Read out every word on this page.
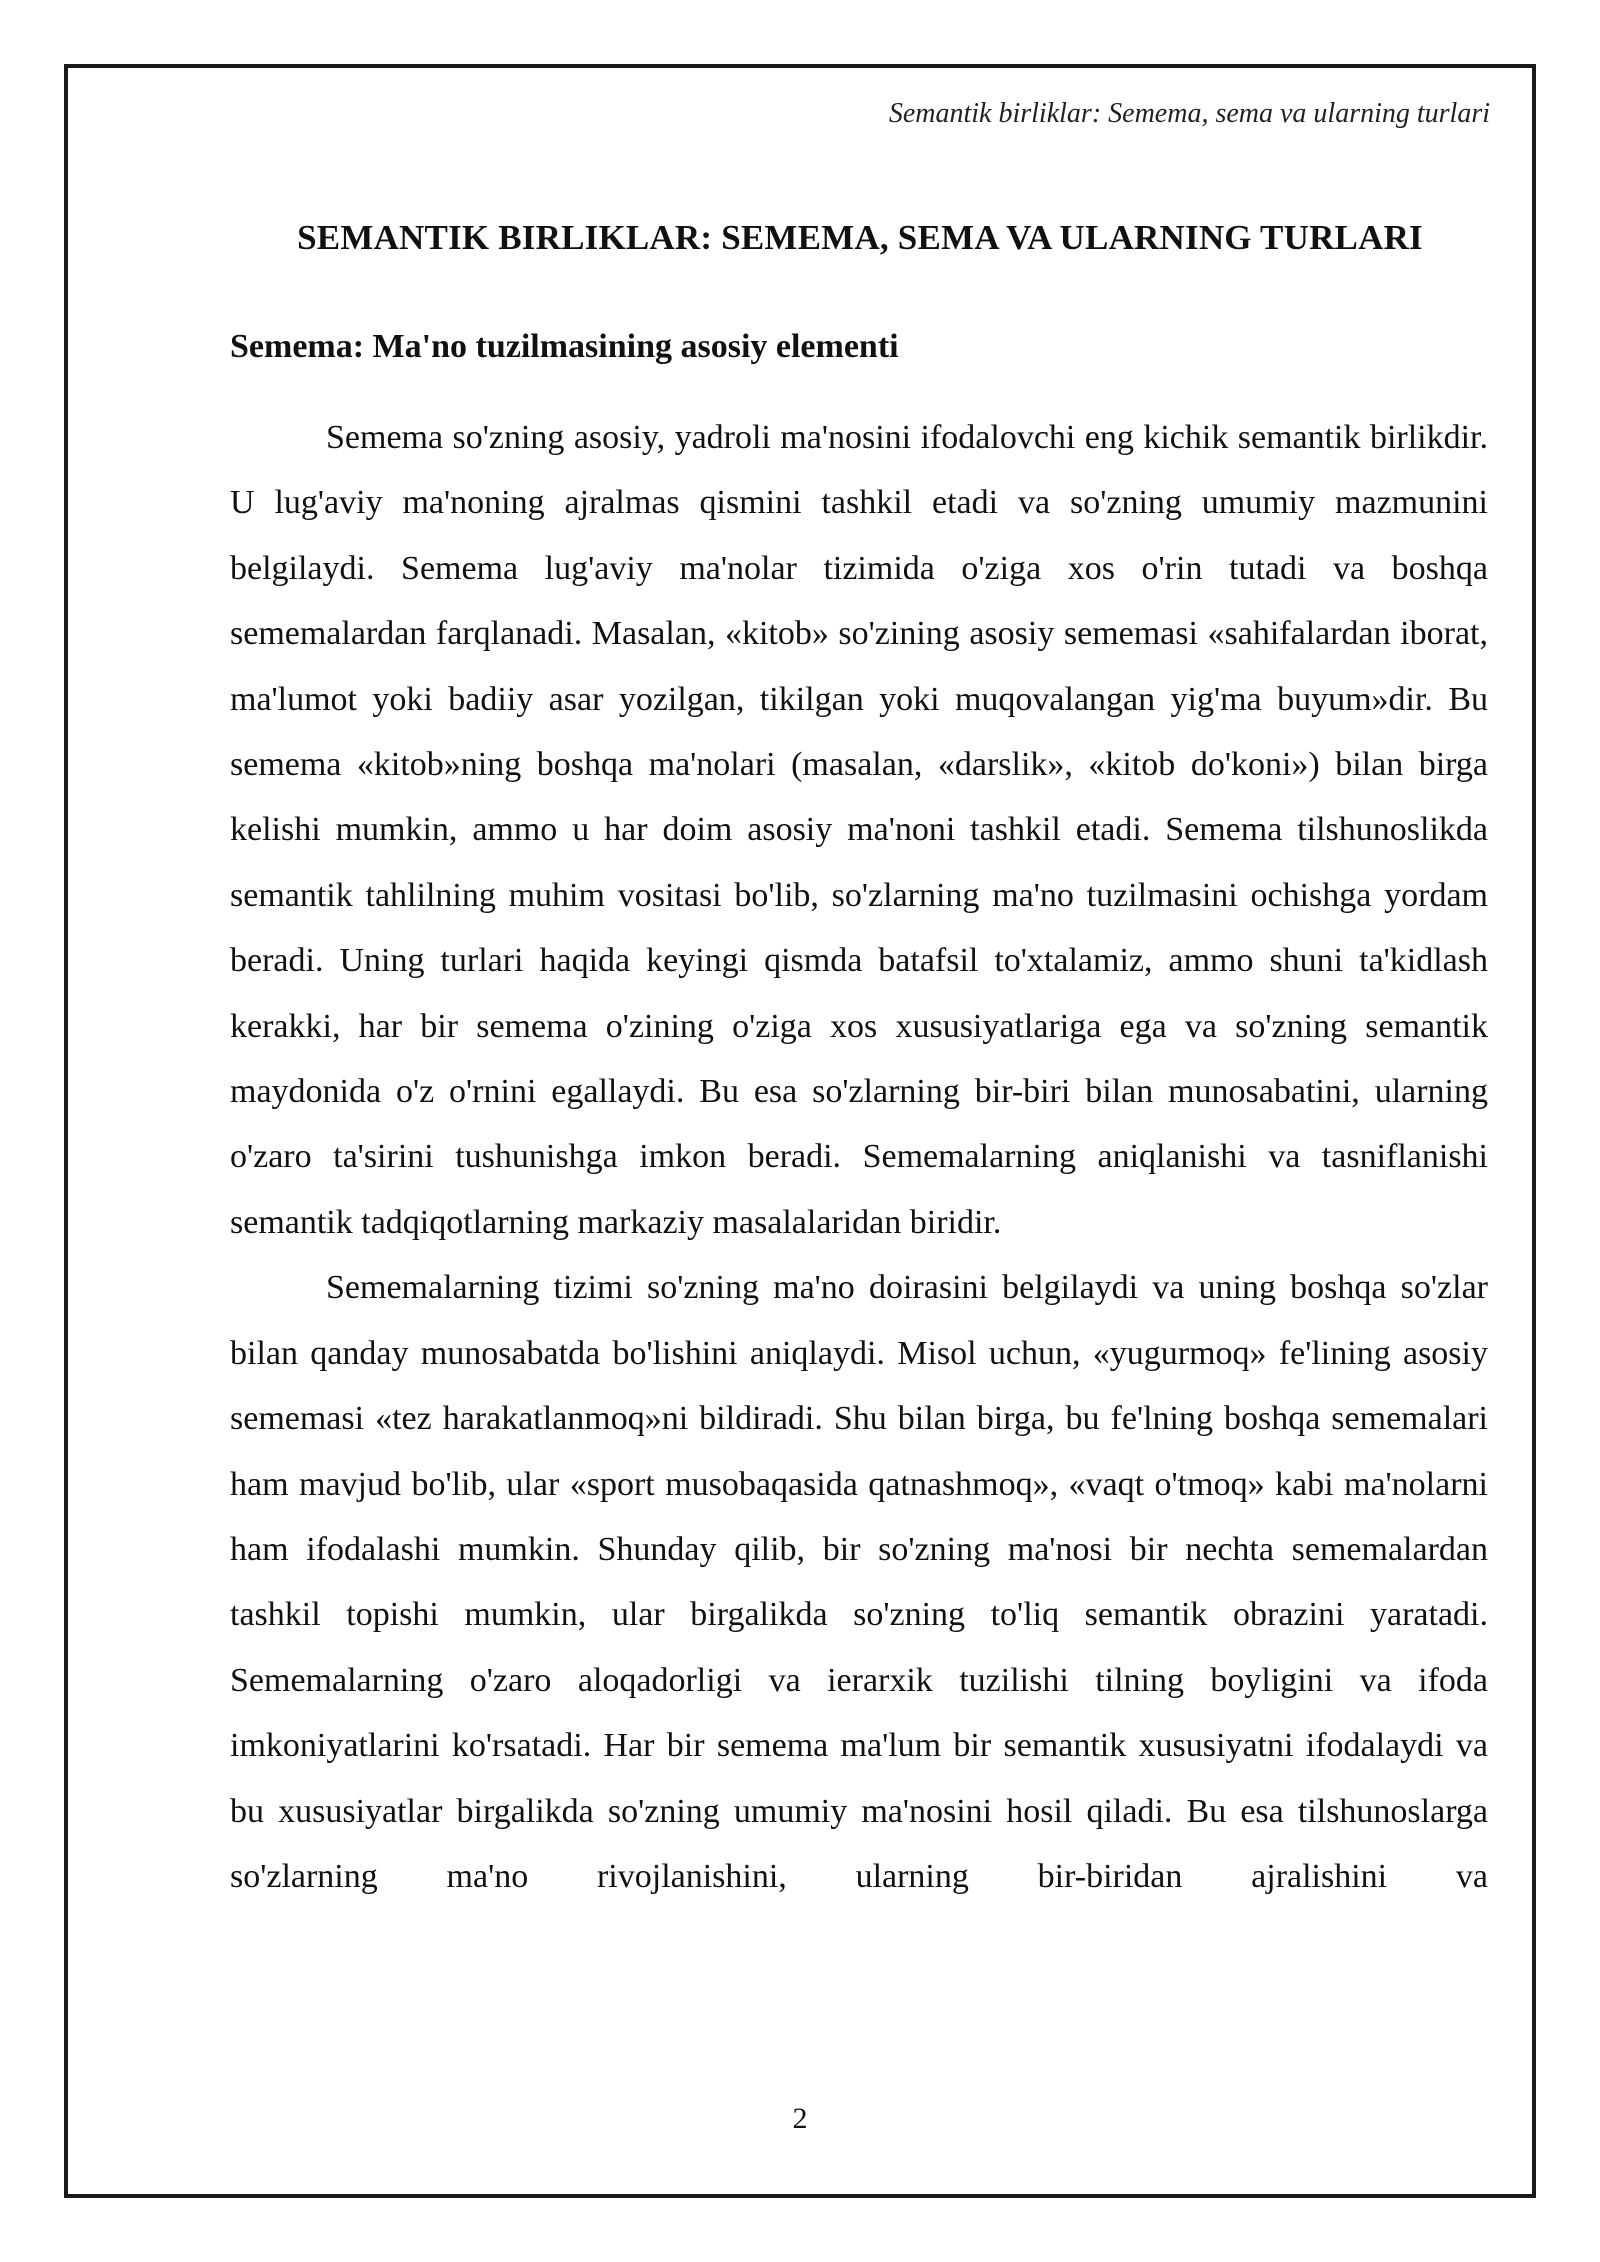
Semantik birliklar: Semema, sema va ularning turlari
SEMANTIK BIRLIKLAR: SEMEMA, SEMA VA ULARNING TURLARI
Semema: Ma'no tuzilmasining asosiy elementi

Semema so'zning asosiy, yadroli ma'nosini ifodalovchi eng kichik semantik birlikdir. U lug'aviy ma'noning ajralmas qismini tashkil etadi va so'zning umumiy mazmunini belgilaydi. Semema lug'aviy ma'nolar tizimida o'ziga xos o'rin tutadi va boshqa sememalardan farqlanadi. Masalan, «kitob» so'zining asosiy sememasi «sahifalardan iborat, ma'lumot yoki badiiy asar yozilgan, tikilgan yoki muqovalangan yig'ma buyum»dir. Bu semema «kitob»ning boshqa ma'nolari (masalan, «darslik», «kitob do'koni») bilan birga kelishi mumkin, ammo u har doim asosiy ma'noni tashkil etadi. Semema tilshunoslikda semantik tahlilning muhim vositasi bo'lib, so'zlarning ma'no tuzilmasini ochishga yordam beradi. Uning turlari haqida keyingi qismda batafsil to'xtalamiz, ammo shuni ta'kidlash kerakki, har bir semema o'zining o'ziga xos xususiyatlariga ega va so'zning semantik maydonida o'z o'rnini egallaydi. Bu esa so'zlarning bir-biri bilan munosabatini, ularning o'zaro ta'sirini tushunishga imkon beradi. Sememalarning aniqlanishi va tasniflanishi semantik tadqiqotlarning markaziy masalalaridan biridir.

Sememalarning tizimi so'zning ma'no doirasini belgilaydi va uning boshqa so'zlar bilan qanday munosabatda bo'lishini aniqlaydi. Misol uchun, «yugurmoq» fe'lining asosiy sememasi «tez harakatlanmoq»ni bildiradi. Shu bilan birga, bu fe'lning boshqa sememalari ham mavjud bo'lib, ular «sport musobaqasida qatnashmoq», «vaqt o'tmoq» kabi ma'nolarni ham ifodalashi mumkin. Shunday qilib, bir so'zning ma'nosi bir nechta sememalardan tashkil topishi mumkin, ular birgalikda so'zning to'liq semantik obrazini yaratadi. Sememalarning o'zaro aloqadorligi va ierarxik tuzilishi tilning boyligini va ifoda imkoniyatlarini ko'rsatadi. Har bir semema ma'lum bir semantik xususiyatni ifodalaydi va bu xususiyatlar birgalikda so'zning umumiy ma'nosini hosil qiladi. Bu esa tilshunoslarga so'zlarning ma'no rivojlanishini, ularning bir-biridan ajralishini va

2
